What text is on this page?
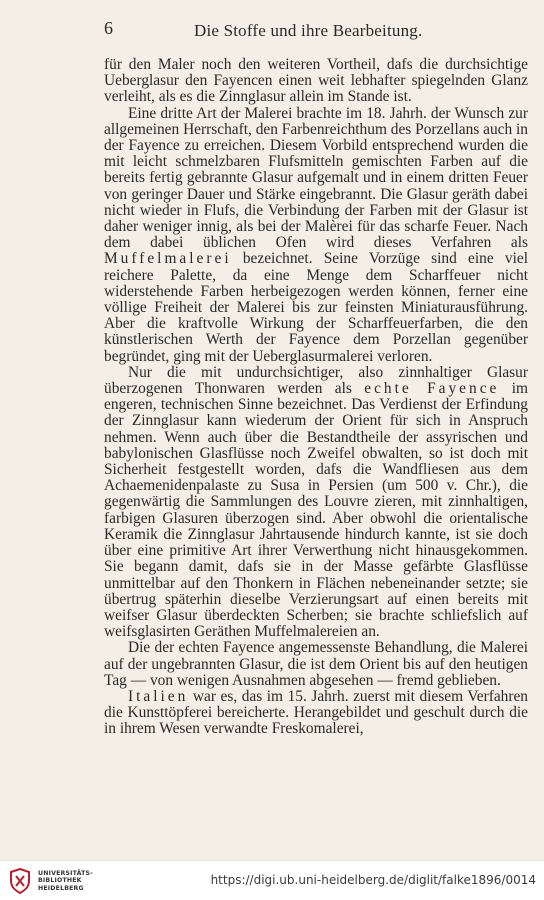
6	Die Stoffe und ihre Bearbeitung.

für den Maler noch den weiteren Vortheil, dafs die durchsichtige Ueberglasur den Fayencen einen weit lebhafter spiegelnden Glanz verleiht, als es die Zinnglasur allein im Stande ist.

Eine dritte Art der Malerei brachte im 18. Jahrh. der Wunsch zur allgemeinen Herrschaft, den Farbenreichthum des Porzellans auch in der Fayence zu erreichen. Diesem Vorbild entsprechend wurden die mit leicht schmelzbaren Flufsmitteln gemischten Farben auf die bereits fertig gebrannte Glasur aufgemalt und in einem dritten Feuer von geringer Dauer und Stärke eingebrannt. Die Glasur geräth dabei nicht wieder in Flufs, die Verbindung der Farben mit der Glasur ist daher weniger innig, als bei der Malèrei für das scharfe Feuer. Nach dem dabei üblichen Ofen wird dieses Verfahren als Muffelmalerei bezeichnet. Seine Vorzüge sind eine viel reichere Palette, da eine Menge dem Scharffeuer nicht widerstehende Farben herbeigezogen werden können, ferner eine völlige Freiheit der Malerei bis zur feinsten Miniaturausführung. Aber die kraftvolle Wirkung der Scharffeuerfarben, die den künstlerischen Werth der Fayence dem Porzellan gegenüber begründet, ging mit der Ueberglasurmalerei verloren.

Nur die mit undurchsichtiger, also zinnhaltiger Glasur überzogenen Thonwaren werden als echte Fayence im engeren, technischen Sinne bezeichnet. Das Verdienst der Erfindung der Zinnglasur kann wiederum der Orient für sich in Anspruch nehmen. Wenn auch über die Bestandtheile der assyrischen und babylonischen Glasflüsse noch Zweifel obwalten, so ist doch mit Sicherheit festgestellt worden, dafs die Wandfliesen aus dem Achaemenidenpalaste zu Susa in Persien (um 500 v. Chr.), die gegenwärtig die Sammlungen des Louvre zieren, mit zinnhaltigen, farbigen Glasuren überzogen sind. Aber obwohl die orientalische Keramik die Zinnglasur Jahrtausende hindurch kannte, ist sie doch über eine primitive Art ihrer Verwerthung nicht hinausgekommen. Sie begann damit, dafs sie in der Masse gefärbte Glasflüsse unmittelbar auf den Thonkern in Flächen nebeneinander setzte; sie übertrug späterhin dieselbe Verzierungsart auf einen bereits mit weifser Glasur überdeckten Scherben; sie brachte schliefslich auf weifsglasirten Geräthen Muffelmalereien an.

Die der echten Fayence angemessenste Behandlung, die Malerei auf der ungebrannten Glasur, die ist dem Orient bis auf den heutigen Tag — von wenigen Ausnahmen abgesehen — fremd geblieben.

Italien war es, das im 15. Jahrh. zuerst mit diesem Verfahren die Kunsttöpferei bereicherte. Herangebildet und geschult durch die in ihrem Wesen verwandte Freskomalerei,

UNIVERSITÄTS-
BIBLIOTHEK
HEIDELBERG
https://digi.ub.uni-heidelberg.de/diglit/falke1896/0014
